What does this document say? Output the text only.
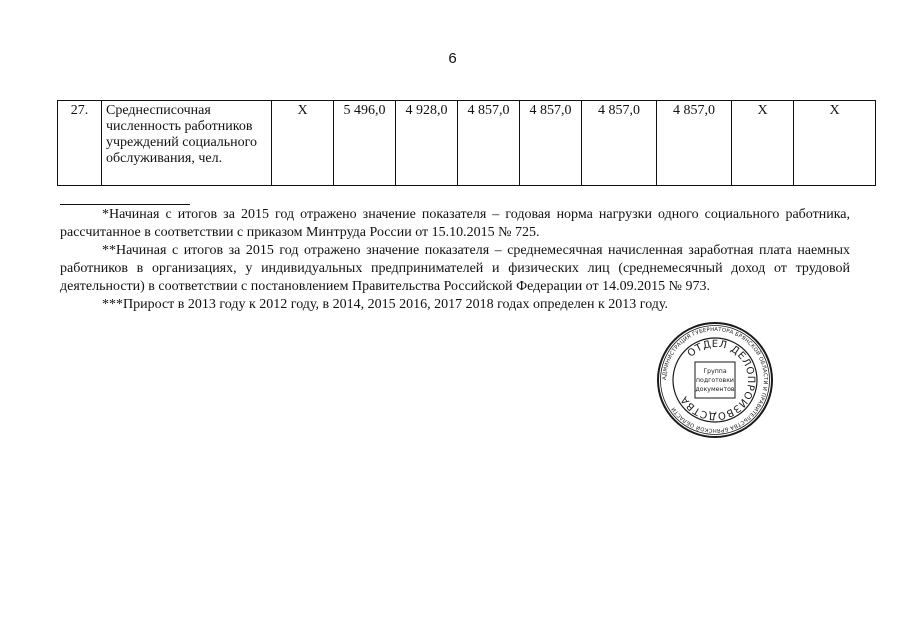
6
27.	Среднесписочная численность работников учреждений социального обслуживания, чел.	Х	5 496,0	4 928,0	4 857,0	4 857,0	4 857,0	4 857,0	Х	Х

*Начиная с итогов за 2015 год отражено значение показателя – годовая норма нагрузки одного социального работника, рассчитанное в соответствии с приказом Минтруда России от 15.10.2015 № 725.

**Начиная с итогов за 2015 год отражено значение показателя – среднемесячная начисленная заработная плата наемных работников в организациях, у индивидуальных предпринимателей и физических лиц (среднемесячный доход от трудовой деятельности) в соответствии с постановлением Правительства Российской Федерации от 14.09.2015 № 973.

***Прирост в 2013 году к 2012 году, в 2014, 2015 2016, 2017 2018 годах определен к 2013 году.

АДМИНИСТРАЦИЯ ГУБЕРНАТОРА БРЯНСКОЙ ОБЛАСТИ И ПРАВИТЕЛЬСТВА БРЯНСКОЙ ОБЛАСТИ
ОТДЕЛ ДЕЛОПРОИЗВОДСТВА
Группа
подготовки
документов
